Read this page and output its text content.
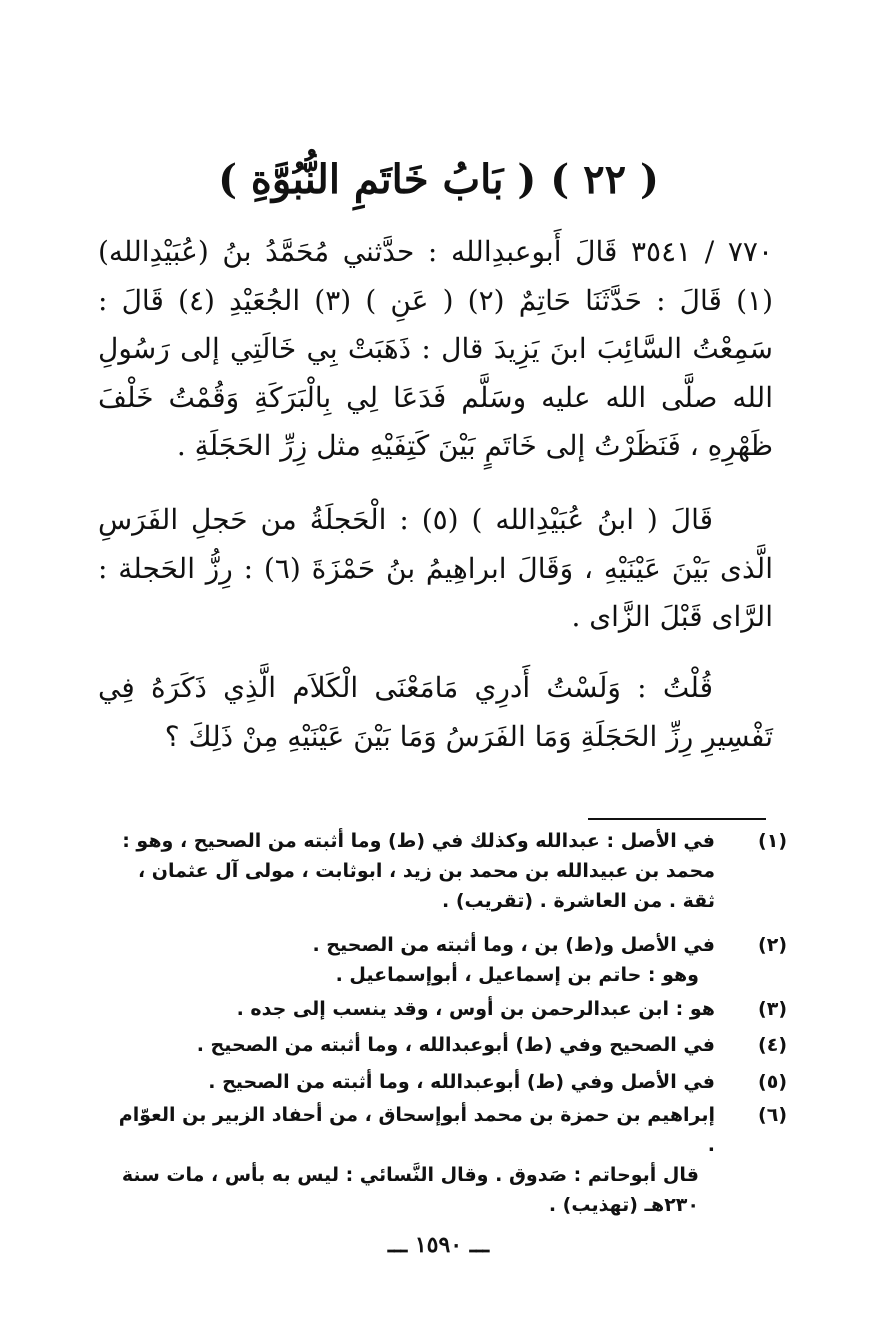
( ٢٢ ) ( بَابُ خَاتَمِ النُّبُوَّةِ )

٧٧٠ / ٣٥٤١ قَالَ أَبوعبدِالله : حدَّثني مُحَمَّدُ بنُ (عُبَيْدِالله) (١) قَالَ : حَدَّثَنَا حَاتِمٌ (٢) ( عَنِ ) (٣) الجُعَيْدِ (٤) قَالَ : سَمِعْتُ السَّائِبَ ابنَ يَزِيدَ قال : ذَهَبَتْ بِي خَالَتِي إلى رَسُولِ الله صلَّى الله عليه وسَلَّم فَدَعَا لِي بِالْبَرَكَةِ وَقُمْتُ خَلْفَ ظَهْرِهِ ، فَنَظَرْتُ إلى خَاتَمٍ بَيْنَ كَتِفَيْهِ مثل زِرِّ الحَجَلَةِ .

قَالَ ( ابنُ عُبَيْدِالله ) (٥) : الْحَجلَةُ من حَجلِ الفَرَسِ الَّذى بَيْنَ عَيْنَيْهِ ، وَقَالَ ابراهِيمُ بنُ حَمْزَةَ (٦) : رِزُّ الحَجلة : الرَّاى قَبْلَ الزَّاى .

قُلْتُ : وَلَسْتُ أَدرِي مَامَعْنَى الْكَلاَم الَّذِي ذَكَرَهُ فِي تَفْسِيرِ رِزِّ الحَجَلَةِ وَمَا الفَرَسُ وَمَا بَيْنَ عَيْنَيْهِ مِنْ ذَلِكَ ؟

(١)
في الأصل : عبدالله وكذلك في (ط) وما أثبته من الصحيح ، وهو : محمد بن عبيدالله بن محمد بن زيد ، ابوثابت ، مولى آل عثمان ، ثقة . من العاشرة . (تقريب) .
(٢)
في الأصل و(ط) بن ، وما أثبته من الصحيح .
وهو : حاتم بن إسماعيل ، أبوإسماعيل .
(٣)
هو : ابن عبدالرحمن بن أوس ، وقد ينسب إلى جده .
(٤)
في الصحيح وفي (ط) أبوعبدالله ، وما أثبته من الصحيح .
(٥)
في الأصل وفي (ط) أبوعبدالله ، وما أثبته من الصحيح .
(٦)
إبراهيم بن حمزة بن محمد أبوإسحاق ، من أحفاد الزبير بن العوّام .
قال أبوحاتم : صَدوق . وقال النَّسائي : ليس به بأس ، مات سنة ٢٣٠هـ (تهذيب) .
ـــ ١٥٩٠ ـــ
